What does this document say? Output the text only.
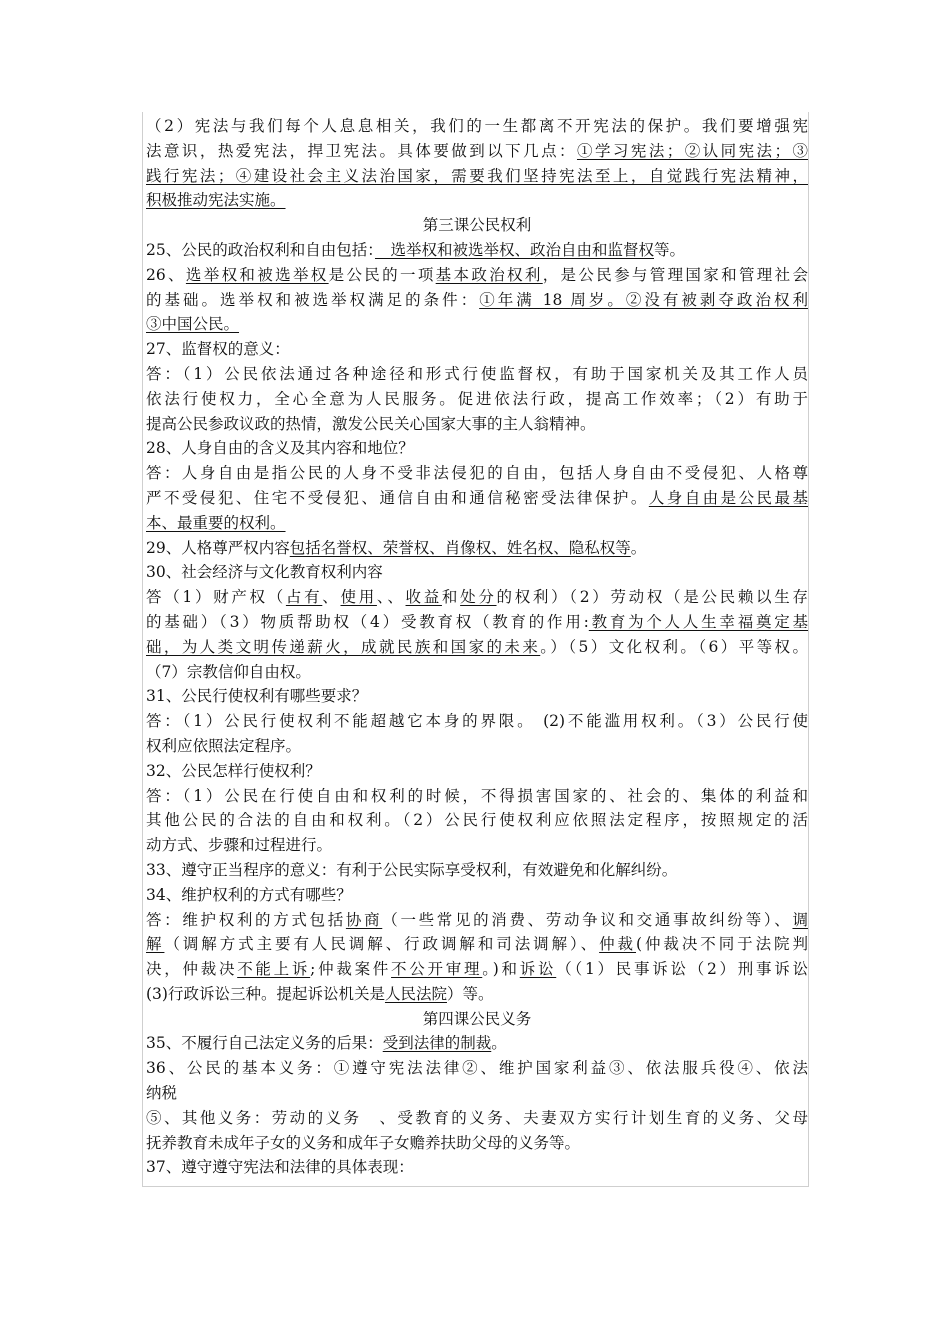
（2）宪法与我们每个人息息相关，我们的一生都离不开宪法的保护。我们要增强宪
法意识，热爱宪法，捍卫宪法。具体要做到以下几点：①学习宪法；②认同宪法；③
践行宪法；④建设社会主义法治国家，需要我们坚持宪法至上，自觉践行宪法精神，
积极推动宪法实施。
第三课公民权利
25、公民的政治权利和自由包括：　选举权和被选举权、政治自由和监督权等。
26、选举权和被选举权是公民的一项基本政治权利，是公民参与管理国家和管理社会
的基础。选举权和被选举权满足的条件：①年满 18 周岁。②没有被剥夺政治权利
③中国公民。
27、监督权的意义：
答：（1）公民依法通过各种途径和形式行使监督权，有助于国家机关及其工作人员
依法行使权力，全心全意为人民服务。促进依法行政，提高工作效率；（2）有助于
提高公民参政议政的热情，激发公民关心国家大事的主人翁精神。
28、人身自由的含义及其内容和地位？
答：人身自由是指公民的人身不受非法侵犯的自由，包括人身自由不受侵犯、人格尊
严不受侵犯、住宅不受侵犯、通信自由和通信秘密受法律保护。人身自由是公民最基
本、最重要的权利。
29、人格尊严权内容包括名誉权、荣誉权、肖像权、姓名权、隐私权等。
30、社会经济与文化教育权利内容
答（1）财产权（占有、使用、、收益和处分的权利）（2）劳动权（是公民赖以生存
的基础）（3）物质帮助权（4）受教育权（教育的作用:教育为个人人生幸福奠定基
础，为人类文明传递薪火，成就民族和国家的未来。）（5）文化权利。（6）平等权。
（7）宗教信仰自由权。
31、公民行使权利有哪些要求？
答：（1）公民行使权利不能超越它本身的界限。 (2)不能滥用权利。（3）公民行使
权利应依照法定程序。
32、公民怎样行使权利？
答：（1）公民在行使自由和权利的时候，不得损害国家的、社会的、集体的利益和
其他公民的合法的自由和权利。（2）公民行使权利应依照法定程序，按照规定的活
动方式、步骤和过程进行。
33、遵守正当程序的意义：有利于公民实际享受权利，有效避免和化解纠纷。
34、维护权利的方式有哪些？
答：维护权利的方式包括协商（一些常见的消费、劳动争议和交通事故纠纷等）、调
解（调解方式主要有人民调解、行政调解和司法调解）、仲裁(仲裁决不同于法院判
决，仲裁决不能上诉;仲裁案件不公开审理。)和诉讼（（1）民事诉讼（2）刑事诉讼
(3)行政诉讼三种。提起诉讼机关是人民法院）等。
第四课公民义务
35、不履行自己法定义务的后果：受到法律的制裁。
36、公民的基本义务：①遵守宪法法律②、维护国家利益③、依法服兵役④、依法
纳税
⑤、其他义务：劳动的义务　、受教育的义务、夫妻双方实行计划生育的义务、父母
抚养教育未成年子女的义务和成年子女赡养扶助父母的义务等。
37、遵守遵守宪法和法律的具体表现：
